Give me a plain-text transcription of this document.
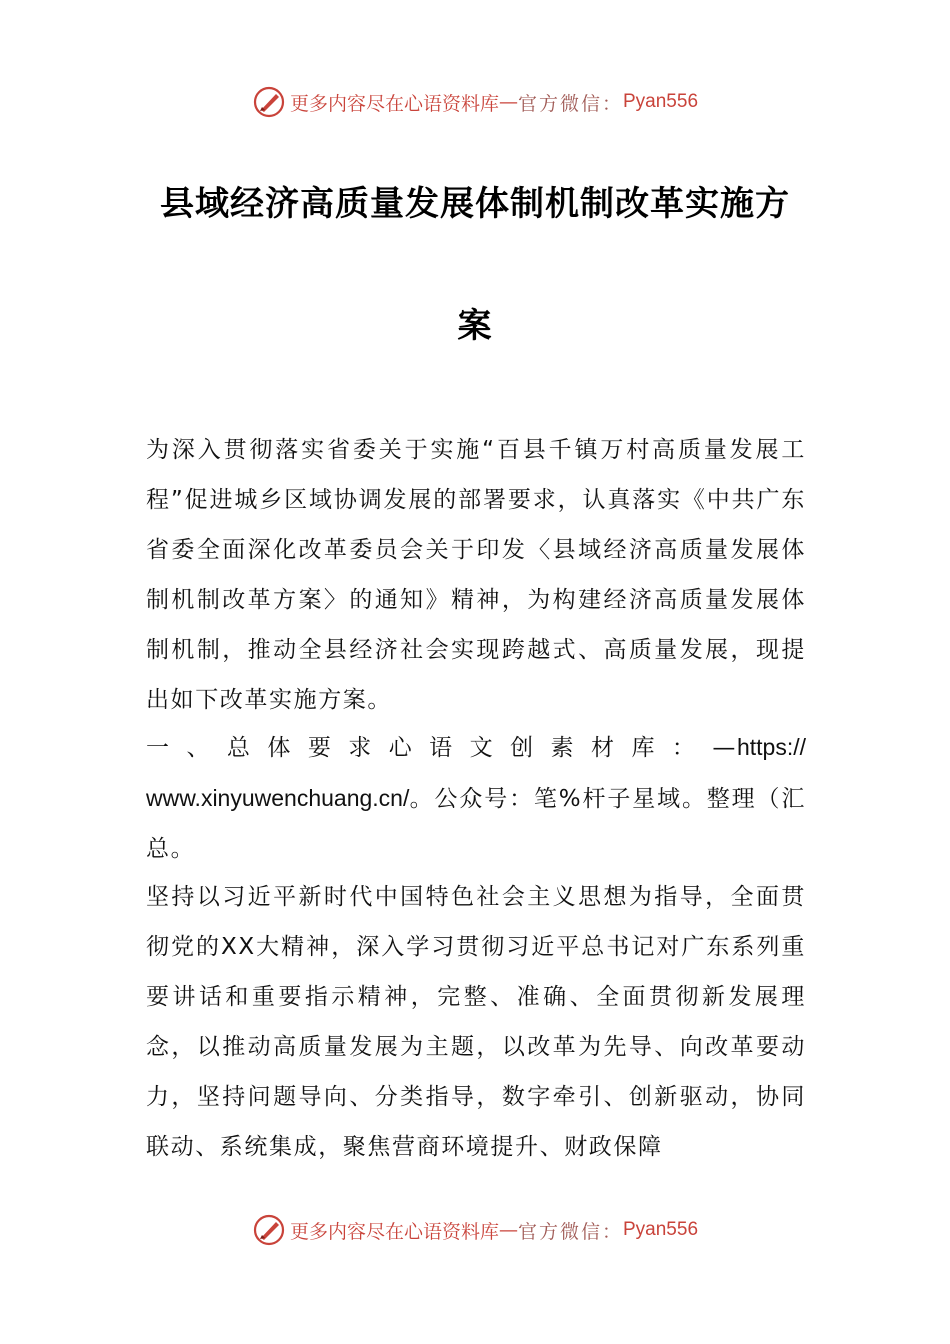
更多内容尽在心语资料库 — 官方微信： Pyan556
县域经济高质量发展体制机制改革实施方
案
为深入贯彻落实省委关于实施“百县千镇万村高质量发展工程”促进城乡区域协调发展的部署要求，认真落实《中共广东省委全面深化改革委员会关于印发〈县域经济高质量发展体制机制改革方案〉的通知》精神，为构建经济高质量发展体制机制，推动全县经济社会实现跨越式、高质量发展，现提出如下改革实施方案。
一、总体要求心语文创素材库：—https://
www.xinyuwenchuang.cn/。公众号：笔%杆子星域。整理（汇总。
坚持以习近平新时代中国特色社会主义思想为指导，全面贯彻党的XX大精神，深入学习贯彻习近平总书记对广东系列重要讲话和重要指示精神，完整、准确、全面贯彻新发展理念，以推动高质量发展为主题，以改革为先导、向改革要动力，坚持问题导向、分类指导，数字牵引、创新驱动，协同联动、系统集成，聚焦营商环境提升、财政保障
更多内容尽在心语资料库 — 官方微信： Pyan556
